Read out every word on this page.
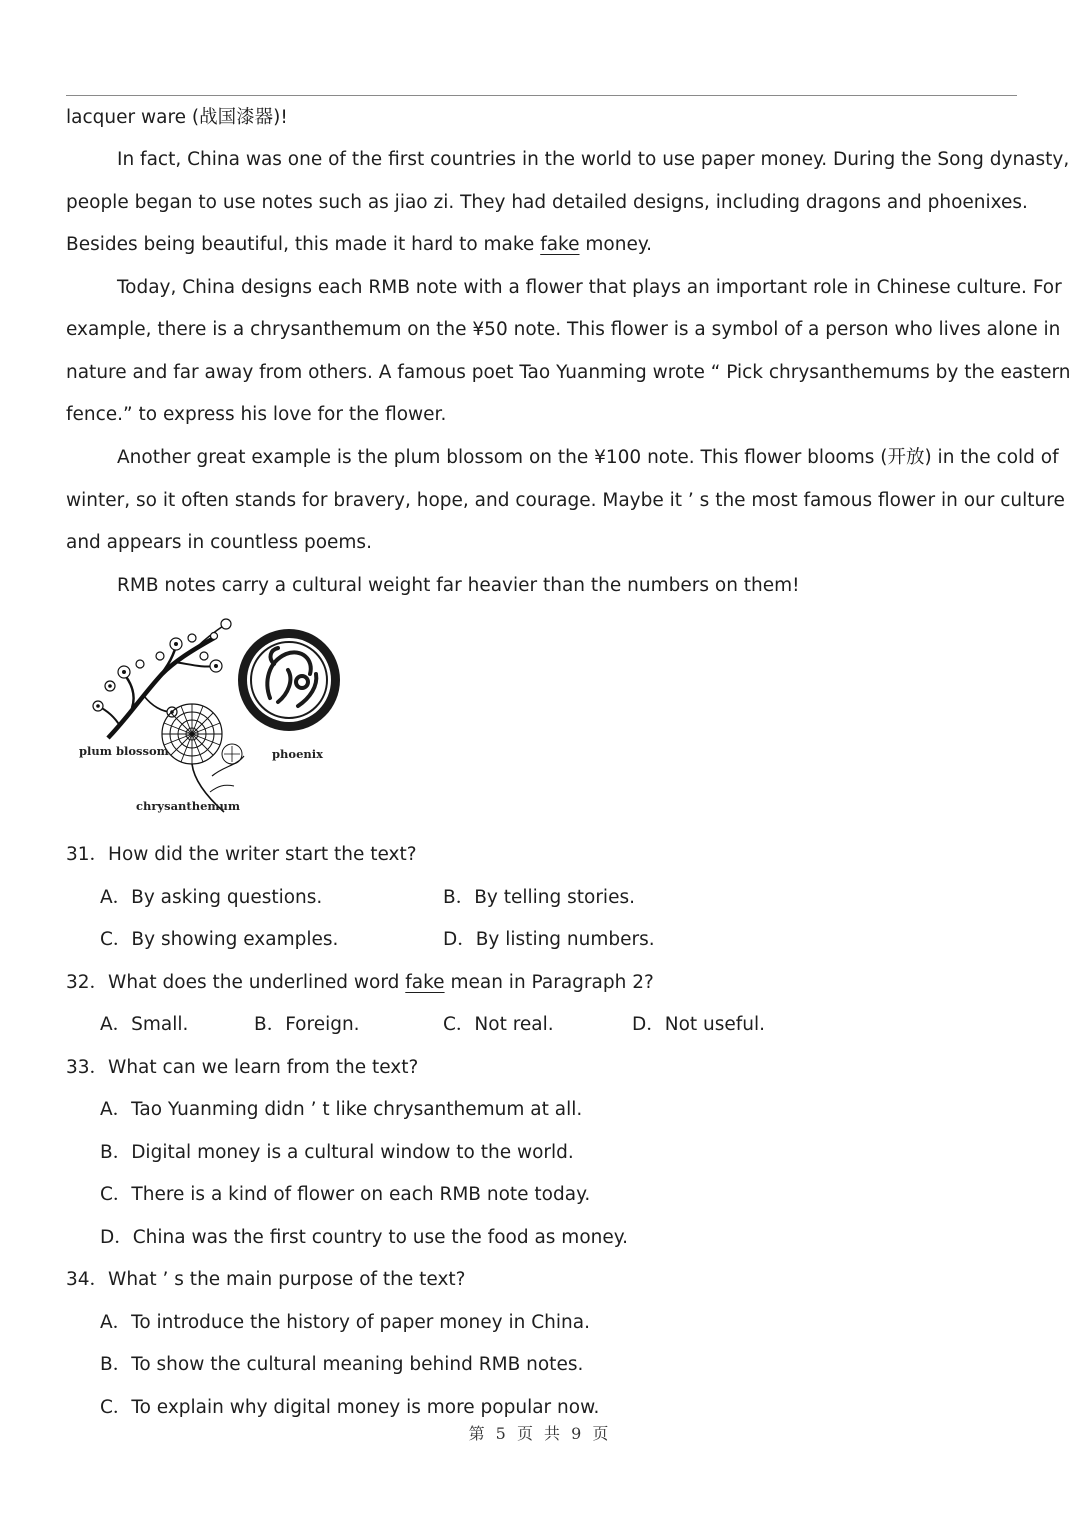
lacquer ware (战国漆器)!
In fact, China was one of the first countries in the world to use paper money. During the Song dynasty,
people began to use notes such as jiao zi. They had detailed designs, including dragons and phoenixes.
Besides being beautiful, this made it hard to make fake money.
Today, China designs each RMB note with a flower that plays an important role in Chinese culture. For
example, there is a chrysanthemum on the ¥50 note. This flower is a symbol of a person who lives alone in
nature and far away from others. A famous poet Tao Yuanming wrote “ Pick chrysanthemums by the eastern
fence.” to express his love for the flower.
Another great example is the plum blossom on the ¥100 note. This flower blooms (开放) in the cold of
winter, so it often stands for bravery, hope, and courage. Maybe it ’ s the most famous flower in our culture
and appears in countless poems.
RMB notes carry a cultural weight far heavier than the numbers on them!
plum blossom
chrysanthemum
phoenix
31．How did the writer start the text?
A．By asking questions.	B．By telling stories.
C．By showing examples.	D．By listing numbers.
32．What does the underlined word fake mean in Paragraph 2?
A．Small.	B．Foreign.	C．Not real.	D．Not useful.
33．What can we learn from the text?
A．Tao Yuanming didn ’ t like chrysanthemum at all.
B．Digital money is a cultural window to the world.
C．There is a kind of flower on each RMB note today.
D．China was the first country to use the food as money.
34．What ’ s the main purpose of the text?
A．To introduce the history of paper money in China.
B．To show the cultural meaning behind RMB notes.
C．To explain why digital money is more popular now.
第 5 页 共 9 页
